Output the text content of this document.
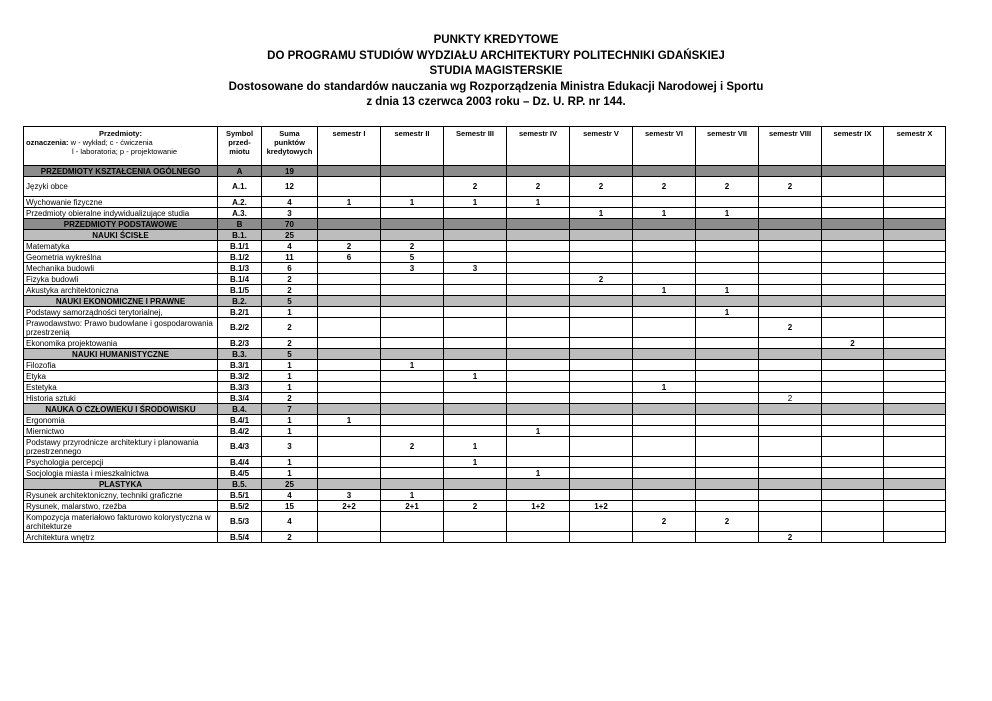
PUNKTY KREDYTOWE
DO PROGRAMU STUDIÓW WYDZIAŁU ARCHITEKTURY POLITECHNIKI GDAŃSKIEJ
STUDIA MAGISTERSKIE
Dostosowane do standardów nauczania wg Rozporządzenia Ministra Edukacji Narodowej i Sportu
z dnia 13 czerwca 2003 roku – Dz. U. RP. nr 144.
Przedmioty:
oznaczenia: w - wykład; c - ćwiczenia
l - laboratoria; p - projektowanie	Symbol przed-miotu	Suma punktów kredytowych	semestr I	semestr II	Semestr III	semestr IV	semestr V	semestr VI	semestr VII	semestr VIII	semestr IX	semestr X

PRZEDMIOTY KSZTAŁCENIA OGÓLNEGO	A	19										
Języki obce	A.1.	12			2	2	2	2	2	2		
Wychowanie fizyczne	A.2.	4	1	1	1	1						
Przedmioty obieralne indywidualizujące studia	A.3.	3					1	1	1			
PRZEDMIOTY PODSTAWOWE	B	70										
NAUKI ŚCISŁE	B.1.	25										
Matematyka	B.1/1	4	2	2								
Geometria wykreślna	B.1/2	11	6	5								
Mechanika budowli	B.1/3	6		3	3							
Fizyka budowli	B.1/4	2					2					
Akustyka architektoniczna	B.1/5	2						1	1			
NAUKI EKONOMICZNE I PRAWNE	B.2.	5										
Podstawy samorządności terytorialnej,	B.2/1	1							1			
Prawodawstwo: Prawo budowlane i gospodarowania przestrzenią	B.2/2	2								2		
Ekonomika projektowania	B.2/3	2									2	
NAUKI HUMANISTYCZNE	B.3.	5										
Filozofia	B.3/1	1		1								
Etyka	B.3/2	1			1							
Estetyka	B.3/3	1						1				
Historia sztuki	B.3/4	2								2		
NAUKA O CZŁOWIEKU I ŚRODOWISKU	B.4.	7										
Ergonomia	B.4/1	1	1									
Miernictwo	B.4/2	1				1						
Podstawy przyrodnicze architektury i planowania przestrzennego	B.4/3	3		2	1							
Psychologia percepcji	B.4/4	1			1							
Socjologia miasta i mieszkalnictwa	B.4/5	1				1						
PLASTYKA	B.5.	25										
Rysunek architektoniczny, techniki graficzne	B.5/1	4	3	1								
Rysunek, malarstwo, rzeźba	B.5/2	15	2+2	2+1	2	1+2	1+2					
Kompozycja materiałowo fakturowo kolorystyczna w architekturze	B.5/3	4						2	2			
Architektura wnętrz	B.5/4	2								2		
